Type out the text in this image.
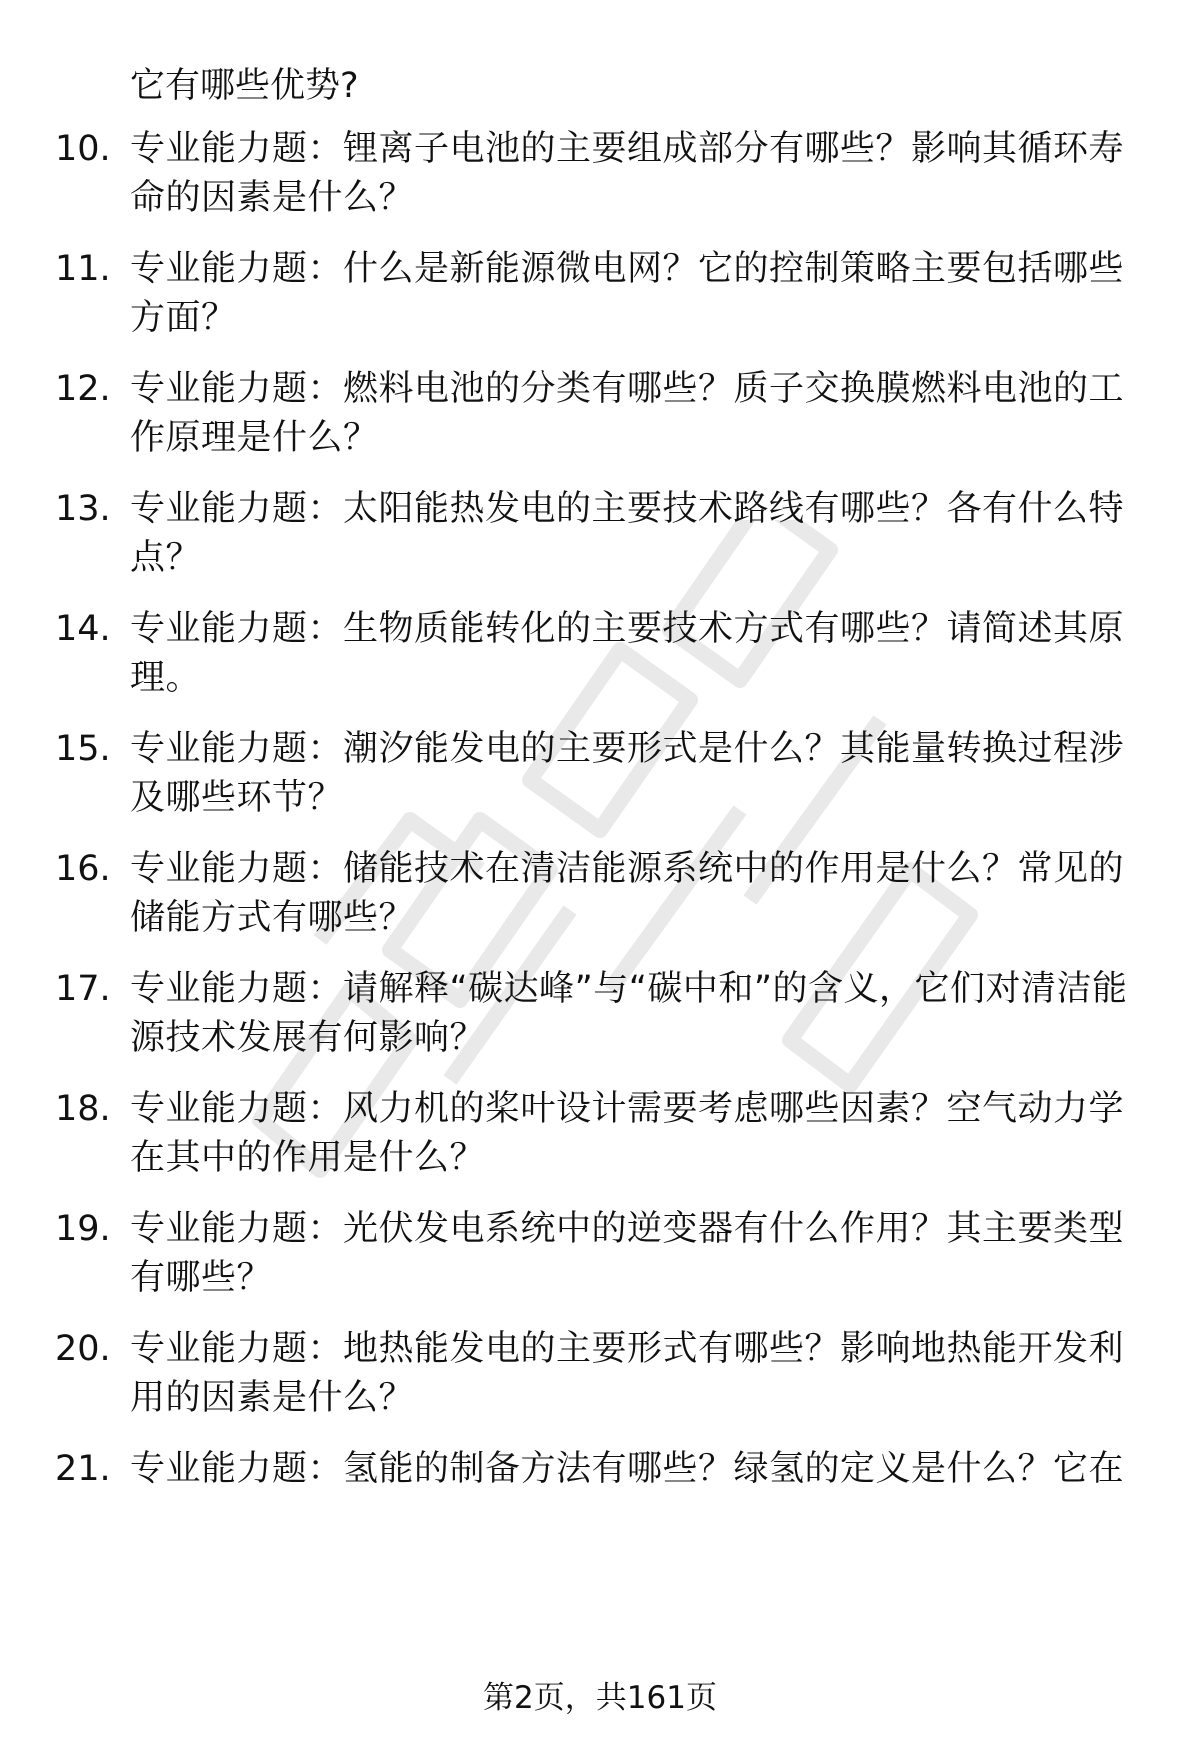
它有哪些优势?
10. 专业能力题：锂离子电池的主要组成部分有哪些？影响其循环寿命的因素是什么？
11. 专业能力题：什么是新能源微电网？它的控制策略主要包括哪些方面？
12. 专业能力题：燃料电池的分类有哪些？质子交换膜燃料电池的工作原理是什么？
13. 专业能力题：太阳能热发电的主要技术路线有哪些？各有什么特点？
14. 专业能力题：生物质能转化的主要技术方式有哪些？请简述其原理。
15. 专业能力题：潮汐能发电的主要形式是什么？其能量转换过程涉及哪些环节？
16. 专业能力题：储能技术在清洁能源系统中的作用是什么？常见的储能方式有哪些？
17. 专业能力题：请解释“碳达峰”与“碳中和”的含义，它们对清洁能源技术发展有何影响？
18. 专业能力题：风力机的桨叶设计需要考虑哪些因素？空气动力学在其中的作用是什么？
19. 专业能力题：光伏发电系统中的逆变器有什么作用？其主要类型有哪些？
20. 专业能力题：地热能发电的主要形式有哪些？影响地热能开发利用的因素是什么？
21. 专业能力题：氢能的制备方法有哪些？绿氢的定义是什么？它在
第2页，共161页
